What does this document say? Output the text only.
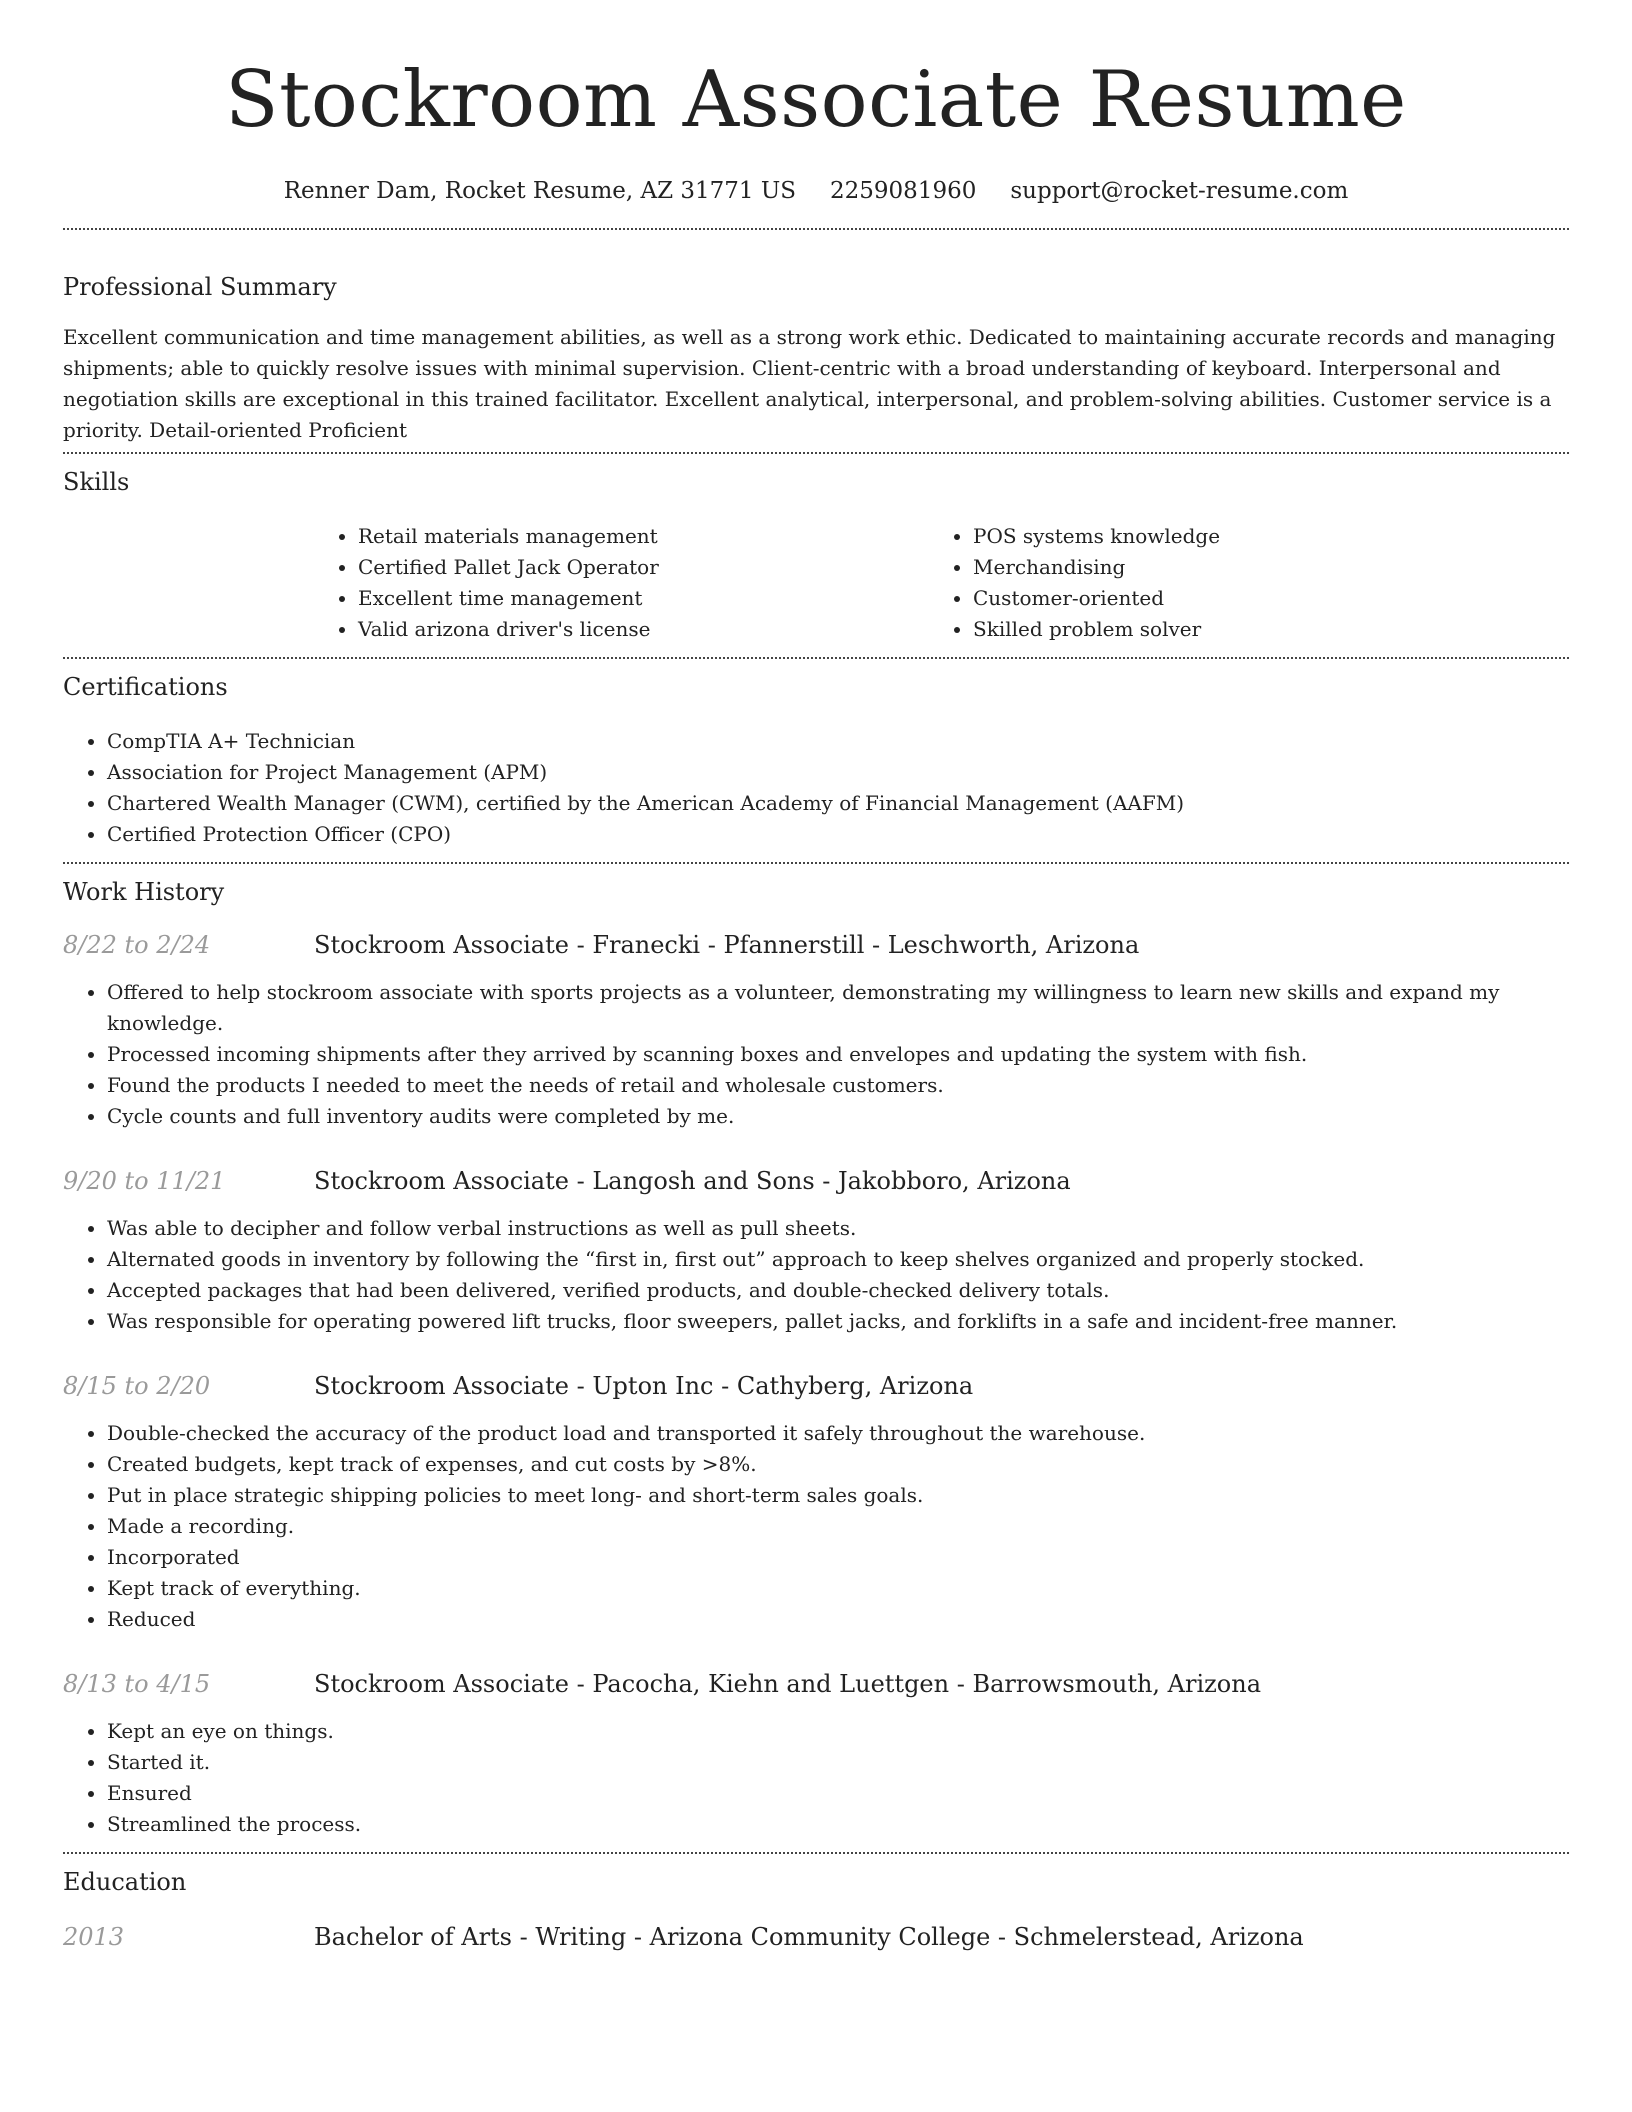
Stockroom Associate Resume
Renner Dam, Rocket Resume, AZ 31771 US 2259081960 support@rocket-resume.com
Professional Summary

Excellent communication and time management abilities, as well as a strong work ethic. Dedicated to maintaining accurate records and managing shipments; able to quickly resolve issues with minimal supervision. Client-centric with a broad understanding of keyboard. Interpersonal and negotiation skills are exceptional in this trained facilitator. Excellent analytical, interpersonal, and problem-solving abilities. Customer service is a priority. Detail-oriented Proficient

Skills
• Retail materials management
• Certified Pallet Jack Operator
• Excellent time management
• Valid arizona driver's license
• POS systems knowledge
• Merchandising
• Customer-oriented
• Skilled problem solver
Certifications
• CompTIA A+ Technician
• Association for Project Management (APM)
• Chartered Wealth Manager (CWM), certified by the American Academy of Financial Management (AAFM)
• Certified Protection Officer (CPO)
Work History
8/22 to 2/24	Stockroom Associate - Franecki - Pfannerstill - Leschworth, Arizona
• Offered to help stockroom associate with sports projects as a volunteer, demonstrating my willingness to learn new skills and expand my knowledge.
• Processed incoming shipments after they arrived by scanning boxes and envelopes and updating the system with fish.
• Found the products I needed to meet the needs of retail and wholesale customers.
• Cycle counts and full inventory audits were completed by me.
9/20 to 11/21	Stockroom Associate - Langosh and Sons - Jakobboro, Arizona
• Was able to decipher and follow verbal instructions as well as pull sheets.
• Alternated goods in inventory by following the “first in, first out” approach to keep shelves organized and properly stocked.
• Accepted packages that had been delivered, verified products, and double-checked delivery totals.
• Was responsible for operating powered lift trucks, floor sweepers, pallet jacks, and forklifts in a safe and incident-free manner.
8/15 to 2/20	Stockroom Associate - Upton Inc - Cathyberg, Arizona
• Double-checked the accuracy of the product load and transported it safely throughout the warehouse.
• Created budgets, kept track of expenses, and cut costs by >8%.
• Put in place strategic shipping policies to meet long- and short-term sales goals.
• Made a recording.
• Incorporated
• Kept track of everything.
• Reduced
8/13 to 4/15	Stockroom Associate - Pacocha, Kiehn and Luettgen - Barrowsmouth, Arizona
• Kept an eye on things.
• Started it.
• Ensured
• Streamlined the process.
Education
2013	Bachelor of Arts - Writing - Arizona Community College - Schmelerstead, Arizona
